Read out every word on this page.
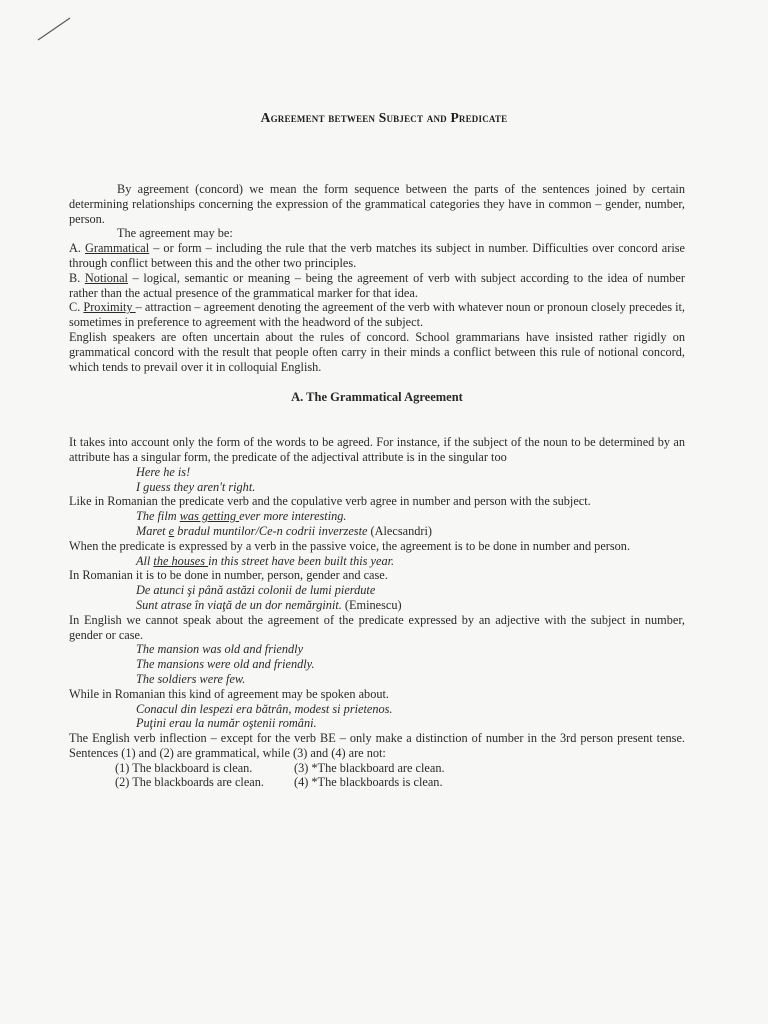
Agreement between Subject and Predicate

By agreement (concord) we mean the form sequence between the parts of the sentences joined by certain determining relationships concerning the expression of the grammatical categories they have in common – gender, number, person.

The agreement may be:

A. Grammatical – or form – including the rule that the verb matches its subject in number. Difficulties over concord arise through conflict between this and the other two principles.

B. Notional – logical, semantic or meaning – being the agreement of verb with subject according to the idea of number rather than the actual presence of the grammatical marker for that idea.

C. Proximity – attraction – agreement denoting the agreement of the verb with whatever noun or pronoun closely precedes it, sometimes in preference to agreement with the headword of the subject.

English speakers are often uncertain about the rules of concord. School grammarians have insisted rather rigidly on grammatical concord with the result that people often carry in their minds a conflict between this rule of notional concord, which tends to prevail over it in colloquial English.

A. The Grammatical Agreement

It takes into account only the form of the words to be agreed. For instance, if the subject of the noun to be determined by an attribute has a singular form, the predicate of the adjectival attribute is in the singular too

Here he is!

I guess they aren't right.

Like in Romanian the predicate verb and the copulative verb agree in number and person with the subject.

The film was getting ever more interesting.

Maret e bradul muntilor/Ce-n codrii inverzeste (Alecsandri)

When the predicate is expressed by a verb in the passive voice, the agreement is to be done in number and person.

All the houses in this street have been built this year.

In Romanian it is to be done in number, person, gender and case.

De atunci şi până astăzi colonii de lumi pierdute

Sunt atrase în viaţă de un dor nemărginit. (Eminescu)

In English we cannot speak about the agreement of the predicate expressed by an adjective with the subject in number, gender or case.

The mansion was old and friendly

The mansions were old and friendly.

The soldiers were few.

While in Romanian this kind of agreement may be spoken about.

Conacul din lespezi era bătrân, modest si prietenos.

Puţini erau la număr oştenii români.

The English verb inflection – except for the verb BE – only make a distinction of number in the 3rd person present tense. Sentences (1) and (2) are grammatical, while (3) and (4) are not:

(1) The blackboard is clean.	(3) *The blackboard are clean.

(2) The blackboards are clean. (4) *The blackboards is clean.
